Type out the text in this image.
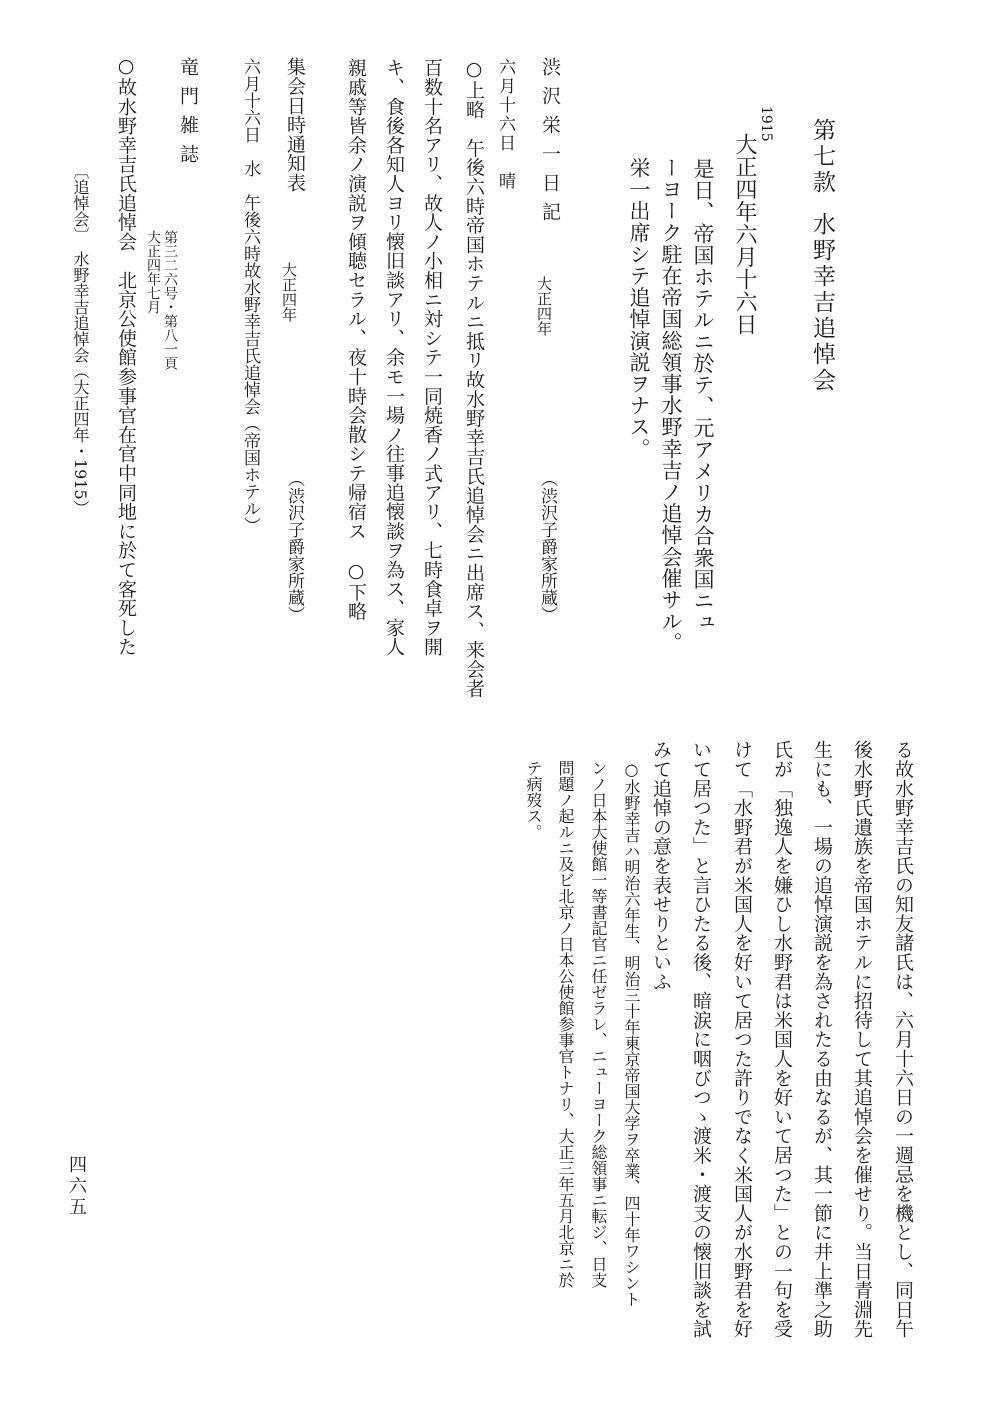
第七款水野幸吉追悼会
1915
大正四年六月十六日
是日、帝国ホテルニ於テ、元アメリカ合衆国ニュ
ーヨーク駐在帝国総領事水野幸吉ノ追悼会催サル。
栄一出席シテ追悼演説ヲナス。
渋沢栄一日記
大正四年
（渋沢子爵家所蔵）
六月十六日　晴
○上略　午後六時帝国ホテルニ抵リ故水野幸吉氏追悼会ニ出席ス、来会者
百数十名アリ、故人ノ小相ニ対シテ一同焼香ノ式アリ、七時食卓ヲ開
キ、食後各知人ヨリ懐旧談アリ、余モ一場ノ往事追懐談ヲ為ス、家人
親戚等皆余ノ演説ヲ傾聴セラル、夜十時会散シテ帰宿ス　○下略
集会日時通知表
大正四年
（渋沢子爵家所蔵）
六月十六日　水　午後六時故水野幸吉氏追悼会（帝国ホテル）
竜門雑誌
第三二六号・第八一頁
大正四年七月
○故水野幸吉氏追悼会　北京公使館参事官在官中同地に於て客死した
〔追悼会〕　水野幸吉追悼会（大正四年・1915）
る故水野幸吉氏の知友諸氏は、六月十六日の一週忌を機とし、同日午
後水野氏遺族を帝国ホテルに招待して其追悼会を催せり。当日青淵先
生にも、一場の追悼演説を為されたる由なるが、其一節に井上準之助
氏が「独逸人を嫌ひし水野君は米国人を好いて居つた」との一句を受
けて「水野君が米国人を好いて居つた許りでなく米国人が水野君を好
いて居つた」と言ひたる後、暗涙に咽びつゝ渡米・渡支の懐旧談を試
みて追悼の意を表せりといふ
○水野幸吉ハ明治六年生、明治三十年東京帝国大学ヲ卒業、四十年ワシント
ンノ日本大使館一等書記官ニ任ゼラレ、ニューヨーク総領事ニ転ジ、日支
問題ノ起ルニ及ビ北京ノ日本公使館参事官トナリ、大正三年五月北京ニ於
テ病歿ス。
四六五
